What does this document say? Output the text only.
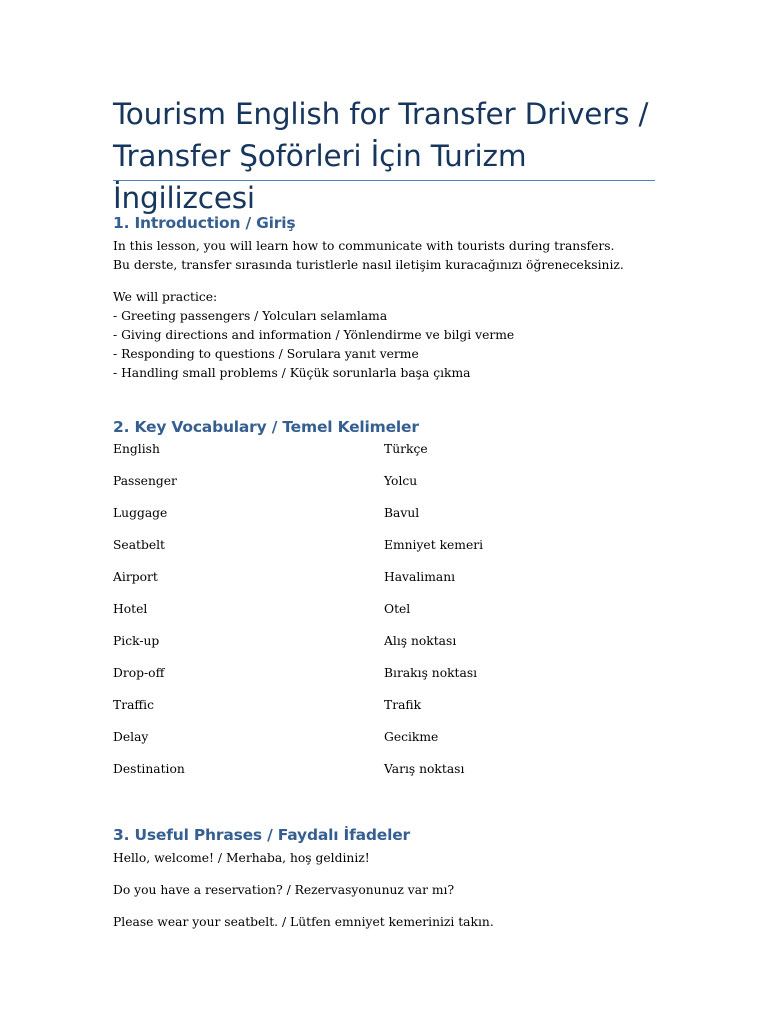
Tourism English for Transfer Drivers /
Transfer Şoförleri İçin Turizm İngilizcesi
1. Introduction / Giriş
In this lesson, you will learn how to communicate with tourists during transfers.
Bu derste, transfer sırasında turistlerle nasıl iletişim kuracağınızı öğreneceksiniz.
We will practice:
- Greeting passengers / Yolcuları selamlama
- Giving directions and information / Yönlendirme ve bilgi verme
- Responding to questions / Sorulara yanıt verme
- Handling small problems / Küçük sorunlarla başa çıkma
2. Key Vocabulary / Temel Kelimeler
English	Türkçe
Passenger	Yolcu
Luggage	Bavul
Seatbelt	Emniyet kemeri
Airport	Havalimanı
Hotel	Otel
Pick-up	Alış noktası
Drop-off	Bırakış noktası
Traffic	Trafik
Delay	Gecikme
Destination	Varış noktası
3. Useful Phrases / Faydalı İfadeler
Hello, welcome! / Merhaba, hoş geldiniz!
Do you have a reservation? / Rezervasyonunuz var mı?
Please wear your seatbelt. / Lütfen emniyet kemerinizi takın.
